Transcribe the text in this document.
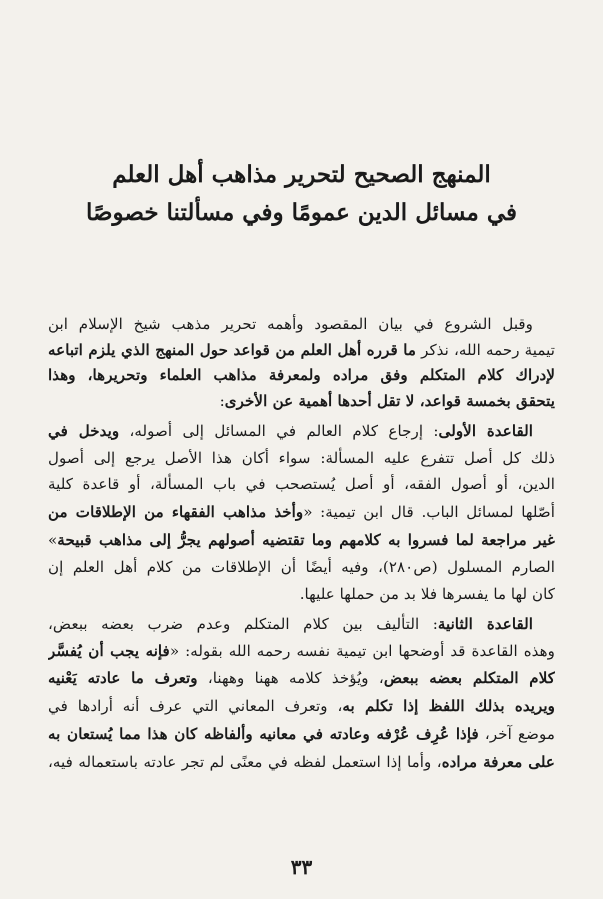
المنهج الصحيح لتحرير مذاهب أهل العلم
في مسائل الدين عمومًا وفي مسألتنا خصوصًا
وقبل الشروع في بيان المقصود وأهمه تحرير مذهب شيخ الإسلام ابن
تيمية رحمه الله، نذكر ما قرره أهل العلم من قواعد حول المنهج الذي يلزم اتباعه
لإدراك كلام المتكلم وفق مراده ولمعرفة مذاهب العلماء وتحريرها، وهذا
يتحقق بخمسة قواعد، لا تقل أحدها أهمية عن الأخرى:
القاعدة الأولى: إرجاع كلام العالم في المسائل إلى أصوله، ويدخل في
ذلك كل أصل تتفرع عليه المسألة: سواء أكان هذا الأصل يرجع إلى أصول
الدين، أو أصول الفقه، أو أصل يُستصحب في باب المسألة، أو قاعدة كلية
أصّلها لمسائل الباب. قال ابن تيمية: «وأخذ مذاهب الفقهاء من الإطلاقات من
غير مراجعة لما فسروا به كلامهم وما تقتضيه أصولهم يجرُّ إلى مذاهب قبيحة»
الصارم المسلول (ص٢٨٠)، وفيه أيضًا أن الإطلاقات من كلام أهل العلم إن
كان لها ما يفسرها فلا بد من حملها عليها.
القاعدة الثانية: التأليف بين كلام المتكلم وعدم ضرب بعضه ببعض،
وهذه القاعدة قد أوضحها ابن تيمية نفسه رحمه الله بقوله: «فإنه يجب أن يُفسَّر
كلام المتكلم بعضه ببعض، ويُؤخذ كلامه ههنا وههنا، وتعرف ما عادته يَعْنيه
ويريده بذلك اللفظ إذا تكلم به، وتعرف المعاني التي عرف أنه أرادها في
موضع آخر، فإذا عُرِف عُرْفه وعادته في معانيه وألفاظه كان هذا مما يُستعان به
على معرفة مراده، وأما إذا استعمل لفظه في معنًى لم تجر عادته باستعماله فيه،
٣٣
